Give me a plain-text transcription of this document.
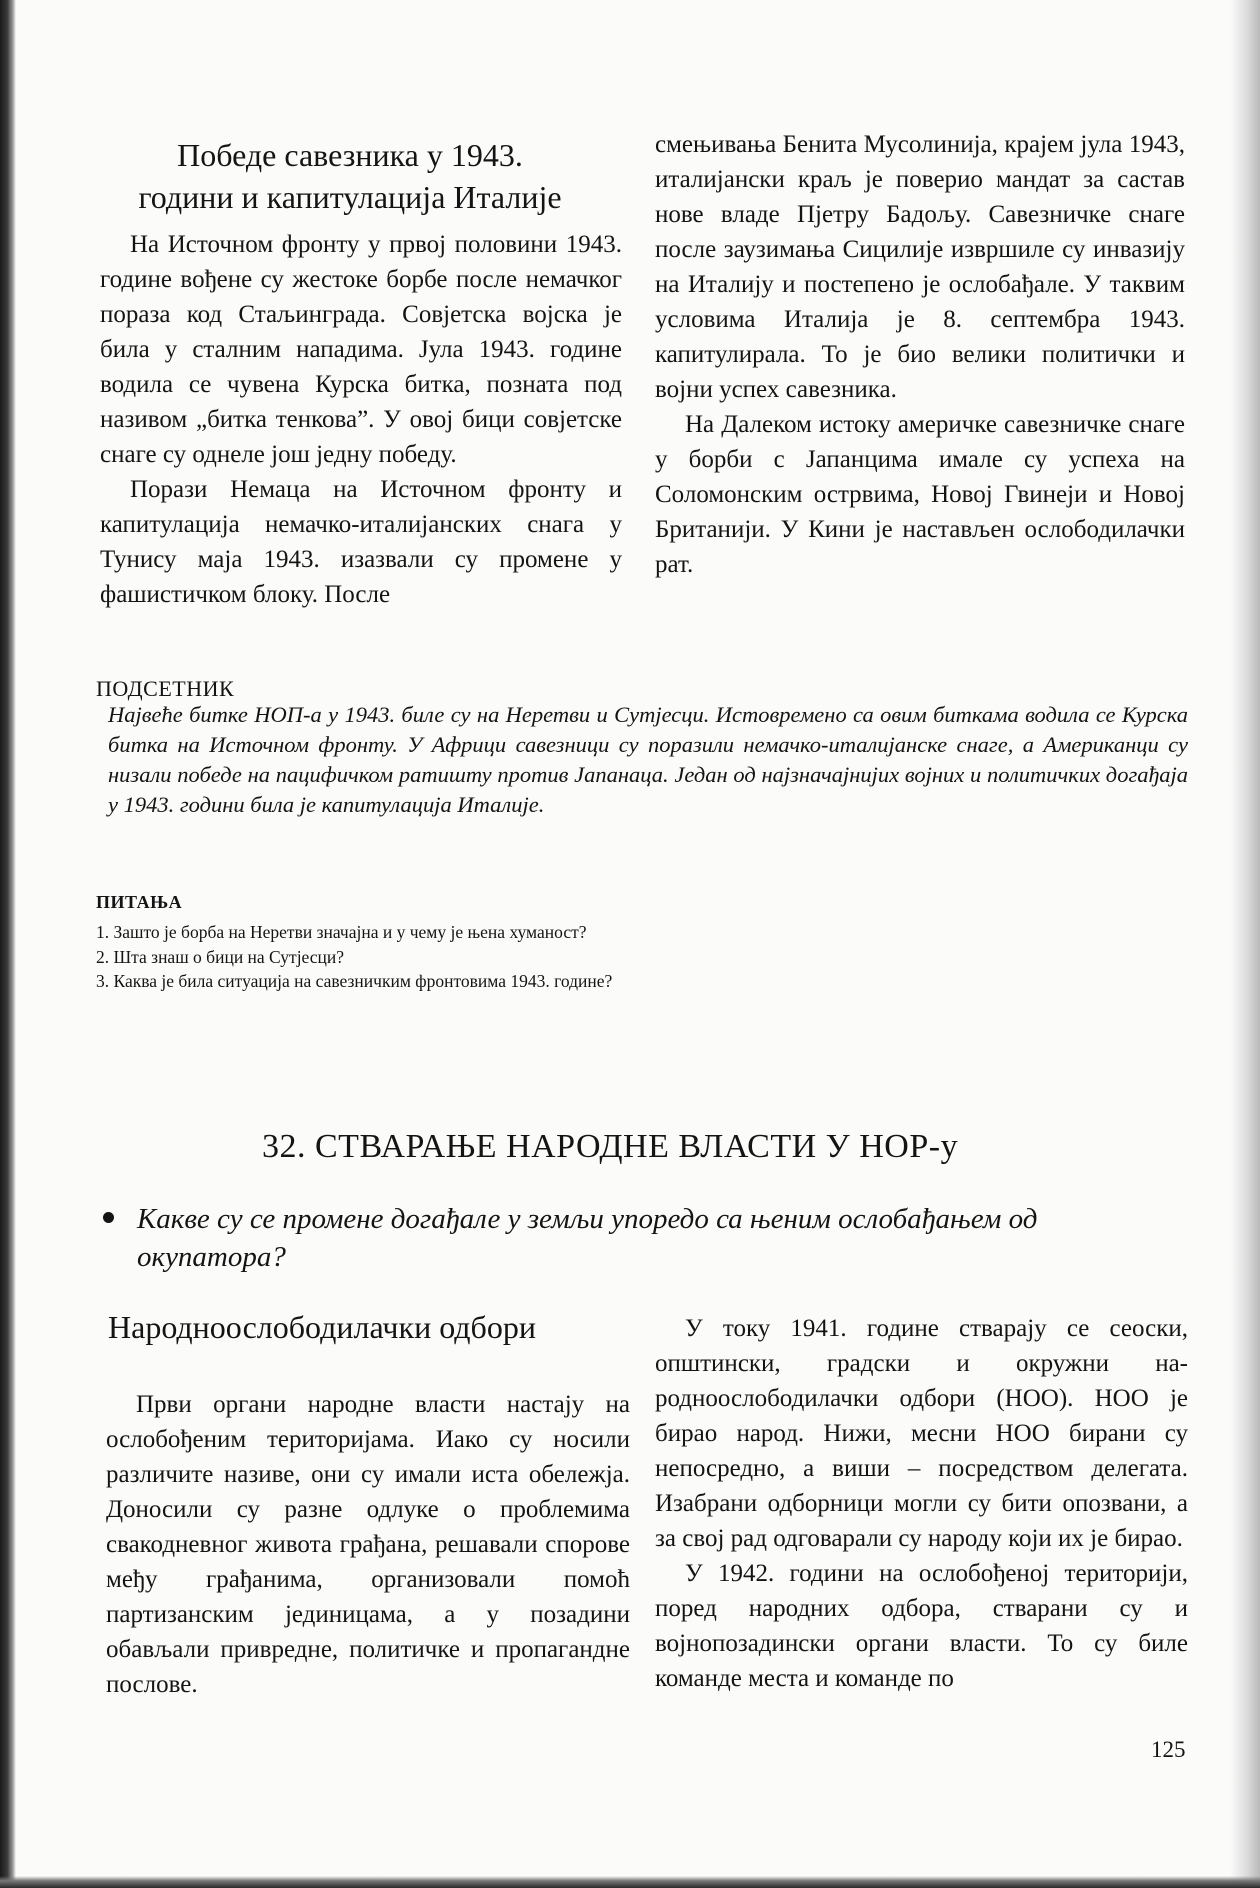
Победе савезника у 1943.
години и капитулација Италије

На Источном фронту у првој половини 1943. године вођене су жестоке борбе после немачког пораза код Стаљинграда. Совјетска војска је била у сталним нападима. Јула 1943. године водила се чувена Курска битка, позната под називом „битка тенкова”. У овој бици совјетске снаге су однеле још једну победу.

Порази Немаца на Источном фронту и капитулација немачко-италијанских снага у Тунису маја 1943. изазвали су промене у фашистичком блоку. После

смењивања Бенита Мусолинија, крајем јула 1943, италијански краљ је поверио мандат за састав нове владе Пјетру Бадољу. Савезничке снаге после заузимања Сицилије извршиле су инвазију на Италију и постепено је ослобађале. У таквим условима Италија је 8. септембра 1943. капитулирала. То је био велики политички и војни успех савезника.

На Далеком истоку америчке савезничке снаге у борби с Јапанцима имале су успеха на Соломонским острвима, Новој Гвинеји и Новој Британији. У Кини је настављен ослободилачки рат.

ПОДСЕТНИК
Највеће битке НОП-а у 1943. биле су на Неретви и Сутјесци. Истовремено са овим биткама водила се Курска битка на Источном фронту. У Африци савезници су поразили немачко-италијанске снаге, а Американци су низали победе на пацифичком ратишту против Јапанаца. Један од најзначајнијих војних и политичких догађаја у 1943. години била је капитулација Италије.
ПИТАЊА
1. Зашто је борба на Неретви значајна и у чему је њена хуманост?
2. Шта знаш о бици на Сутјесци?
3. Каква је била ситуација на савезничким фронтовима 1943. године?
32. СТВАРАЊЕ НАРОДНЕ ВЛАСТИ У НОР-у
Какве су се промене догађале у земљи упоредо са њеним ослобађањем од окупатора?
Народноослободилачки одбори

Први органи народне власти настају на ослобођеним територијама. Иако су носили различите називе, они су имали иста обележја. Доносили су разне одлуке о проблемима свакодневног живота грађана, решавали спорове међу грађанима, организовали помоћ партизанским јединицама, а у позадини обављали привредне, политичке и пропагандне послове.

У току 1941. године стварају се сеоски, општински, градски и окружни народноослободилачки одбори (НОО). НОО је бирао народ. Нижи, месни НОО бирани су непосредно, а виши – посредством делегата. Изабрани одборници могли су бити опозвани, а за свој рад одговарали су народу који их је бирао.

У 1942. години на ослобођеној територији, поред народних одбора, стварани су и војнопозадински органи власти. То су биле команде места и команде по

125
